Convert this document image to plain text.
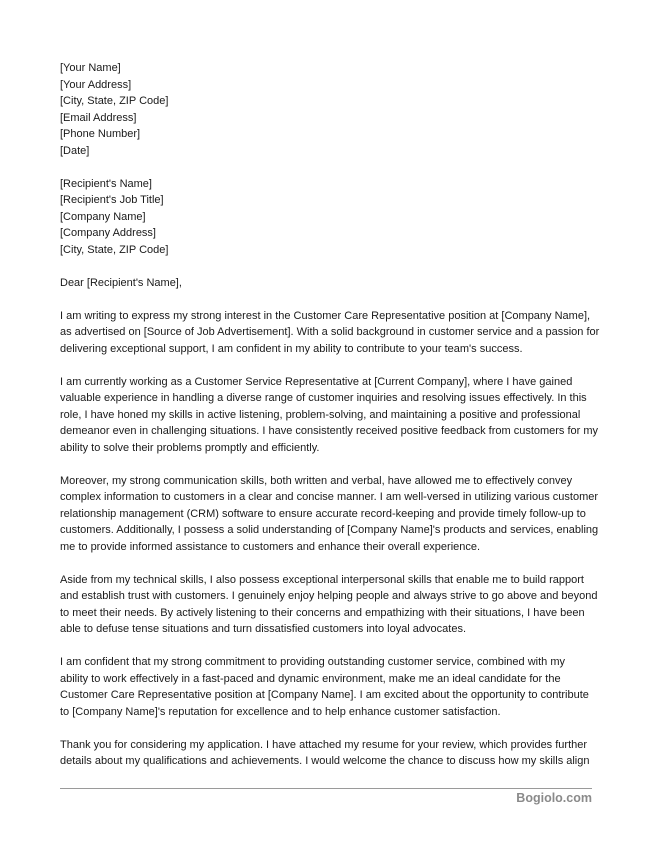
[Your Name]
[Your Address]
[City, State, ZIP Code]
[Email Address]
[Phone Number]
[Date]
[Recipient's Name]
[Recipient's Job Title]
[Company Name]
[Company Address]
[City, State, ZIP Code]
Dear [Recipient's Name],
I am writing to express my strong interest in the Customer Care Representative position at [Company Name],
as advertised on [Source of Job Advertisement]. With a solid background in customer service and a passion for
delivering exceptional support, I am confident in my ability to contribute to your team's success.
I am currently working as a Customer Service Representative at [Current Company], where I have gained
valuable experience in handling a diverse range of customer inquiries and resolving issues effectively. In this
role, I have honed my skills in active listening, problem-solving, and maintaining a positive and professional
demeanor even in challenging situations. I have consistently received positive feedback from customers for my
ability to solve their problems promptly and efficiently.
Moreover, my strong communication skills, both written and verbal, have allowed me to effectively convey
complex information to customers in a clear and concise manner. I am well-versed in utilizing various customer
relationship management (CRM) software to ensure accurate record-keeping and provide timely follow-up to
customers. Additionally, I possess a solid understanding of [Company Name]'s products and services, enabling
me to provide informed assistance to customers and enhance their overall experience.
Aside from my technical skills, I also possess exceptional interpersonal skills that enable me to build rapport
and establish trust with customers. I genuinely enjoy helping people and always strive to go above and beyond
to meet their needs. By actively listening to their concerns and empathizing with their situations, I have been
able to defuse tense situations and turn dissatisfied customers into loyal advocates.
I am confident that my strong commitment to providing outstanding customer service, combined with my
ability to work effectively in a fast-paced and dynamic environment, make me an ideal candidate for the
Customer Care Representative position at [Company Name]. I am excited about the opportunity to contribute
to [Company Name]'s reputation for excellence and to help enhance customer satisfaction.
Thank you for considering my application. I have attached my resume for your review, which provides further
details about my qualifications and achievements. I would welcome the chance to discuss how my skills align
Bogiolo.com
